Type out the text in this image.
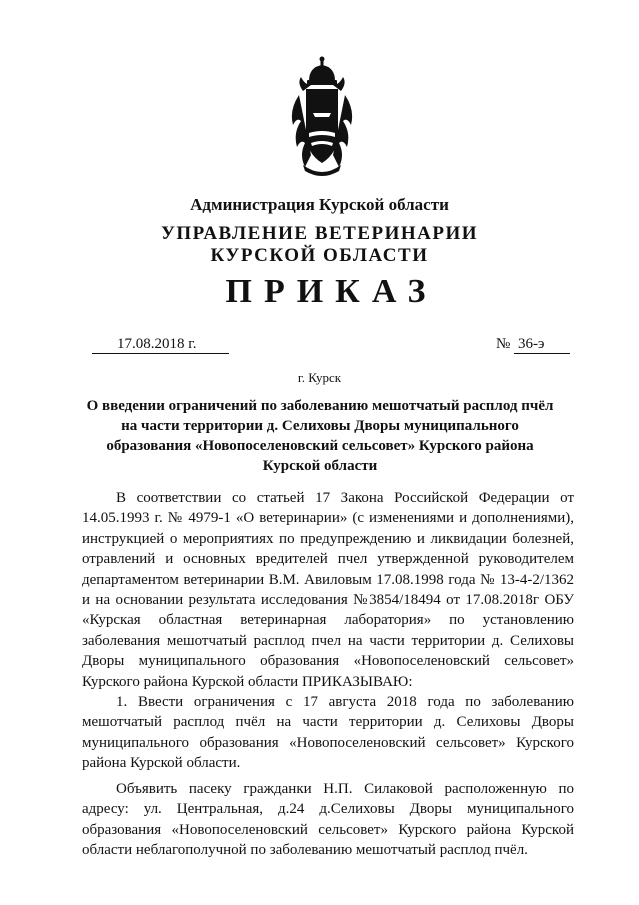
Администрация Курской области
УПРАВЛЕНИЕ ВЕТЕРИНАРИИ
КУРСКОЙ ОБЛАСТИ
ПРИКАЗ
17.08.2018 г.	№ 36-э
г. Курск
О введении ограничений по заболеванию мешотчатый расплод пчёл на части территории д. Селиховы Дворы муниципального образования «Новопоселеновский сельсовет» Курского района Курской области

В соответствии со статьей 17 Закона Российской Федерации от 14.05.1993 г. № 4979-1 «О ветеринарии» (с изменениями и дополнениями), инструкцией о мероприятиях по предупреждению и ликвидации болезней, отравлений и основных вредителей пчел утвержденной руководителем департаментом ветеринарии В.М. Авиловым 17.08.1998 года № 13-4-2/1362 и на основании результата исследования №3854/18494 от 17.08.2018г ОБУ «Курская областная ветеринарная лаборатория» по установлению заболевания мешотчатый расплод пчел на части территории д. Селиховы Дворы муниципального образования «Новопоселеновский сельсовет» Курского района Курской области ПРИКАЗЫВАЮ:

1. Ввести ограничения с 17 августа 2018 года по заболеванию мешотчатый расплод пчёл на части территории д. Селиховы Дворы муниципального образования «Новопоселеновский сельсовет» Курского района Курской области.

Объявить пасеку гражданки Н.П. Силаковой расположенную по адресу: ул. Центральная, д.24 д.Селиховы Дворы муниципального образования «Новопоселеновский сельсовет» Курского района Курской области неблагополучной по заболеванию мешотчатый расплод пчёл.
